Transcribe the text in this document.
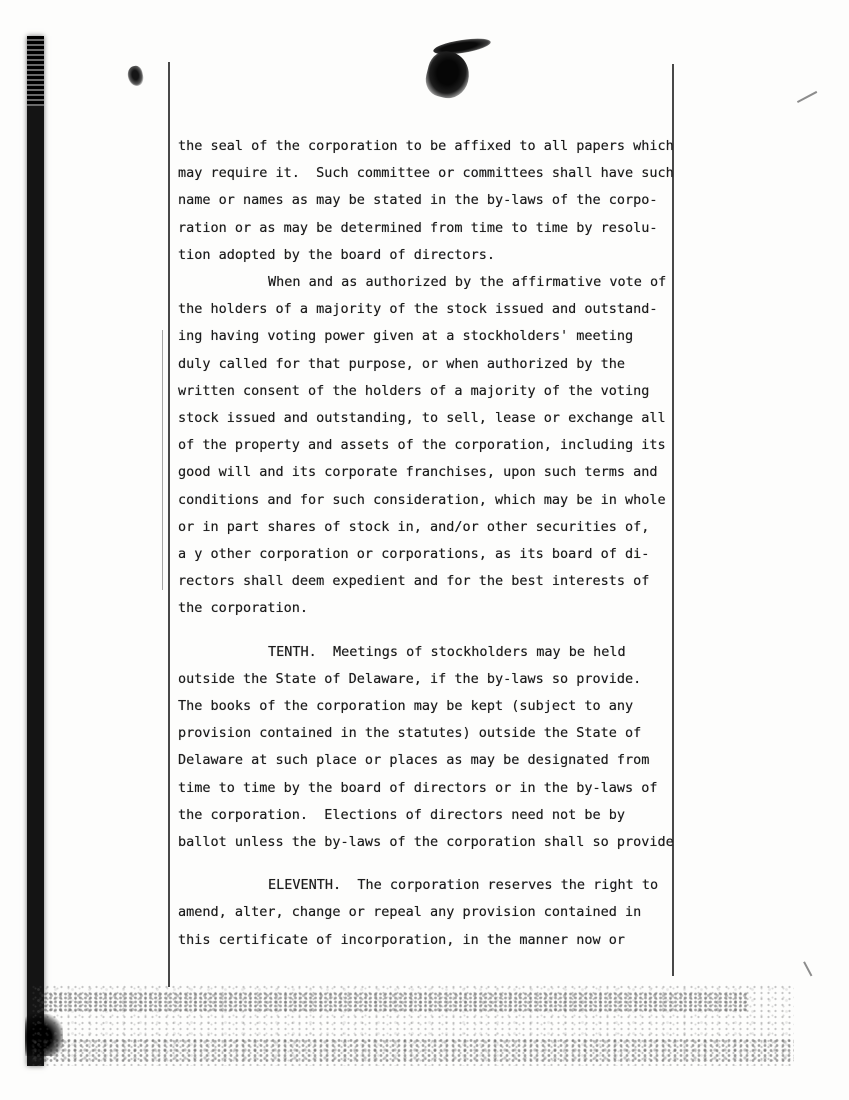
the seal of the corporation to be affixed to all papers which
may require it.  Such committee or committees shall have such
name or names as may be stated in the by-laws of the corpo-
ration or as may be determined from time to time by resolu-
tion adopted by the board of directors.
When and as authorized by the affirmative vote of
the holders of a majority of the stock issued and outstand-
ing having voting power given at a stockholders' meeting
duly called for that purpose, or when authorized by the
written consent of the holders of a majority of the voting
stock issued and outstanding, to sell, lease or exchange all
of the property and assets of the corporation, including its
good will and its corporate franchises, upon such terms and
conditions and for such consideration, which may be in whole
or in part shares of stock in, and/or other securities of,
a y other corporation or corporations, as its board of di-
rectors shall deem expedient and for the best interests of
the corporation.
TENTH.  Meetings of stockholders may be held
outside the State of Delaware, if the by-laws so provide.
The books of the corporation may be kept (subject to any
provision contained in the statutes) outside the State of
Delaware at such place or places as may be designated from
time to time by the board of directors or in the by-laws of
the corporation.  Elections of directors need not be by
ballot unless the by-laws of the corporation shall so provide
ELEVENTH.  The corporation reserves the right to
amend, alter, change or repeal any provision contained in
this certificate of incorporation, in the manner now or
